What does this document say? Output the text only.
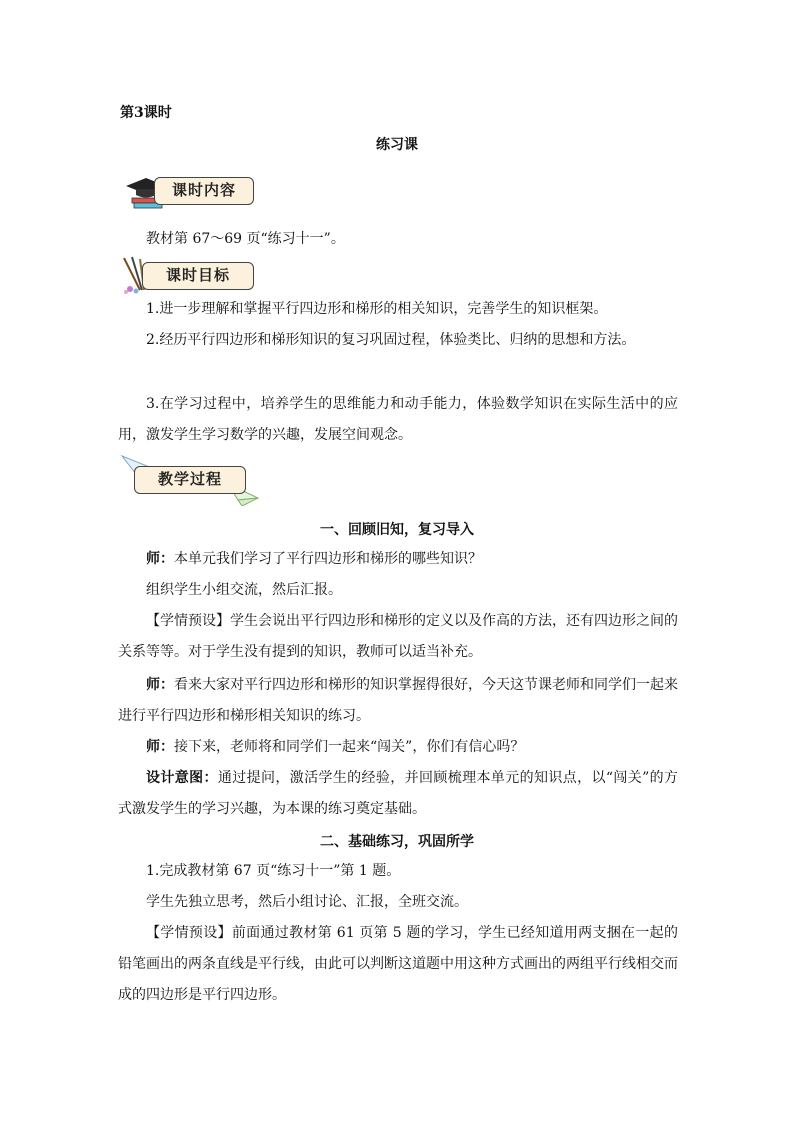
第3课时
练习课
课时内容

教材第 67～69 页“练习十一”。

课时目标

1.进一步理解和掌握平行四边形和梯形的相关知识，完善学生的知识框架。

2.经历平行四边形和梯形知识的复习巩固过程，体验类比、归纳的思想和方法。

3.在学习过程中，培养学生的思维能力和动手能力，体验数学知识在实际生活中的应用，激发学生学习数学的兴趣，发展空间观念。

教学过程
一、回顾旧知，复习导入

师：本单元我们学习了平行四边形和梯形的哪些知识？

组织学生小组交流，然后汇报。

【学情预设】学生会说出平行四边形和梯形的定义以及作高的方法，还有四边形之间的关系等等。对于学生没有提到的知识，教师可以适当补充。

师：看来大家对平行四边形和梯形的知识掌握得很好，今天这节课老师和同学们一起来进行平行四边形和梯形相关知识的练习。

师：接下来，老师将和同学们一起来“闯关”，你们有信心吗？

设计意图：通过提问，激活学生的经验，并回顾梳理本单元的知识点，以“闯关”的方式激发学生的学习兴趣，为本课的练习奠定基础。

二、基础练习，巩固所学

1.完成教材第 67 页“练习十一”第 1 题。

学生先独立思考，然后小组讨论、汇报，全班交流。

【学情预设】前面通过教材第 61 页第 5 题的学习，学生已经知道用两支捆在一起的铅笔画出的两条直线是平行线，由此可以判断这道题中用这种方式画出的两组平行线相交而成的四边形是平行四边形。
